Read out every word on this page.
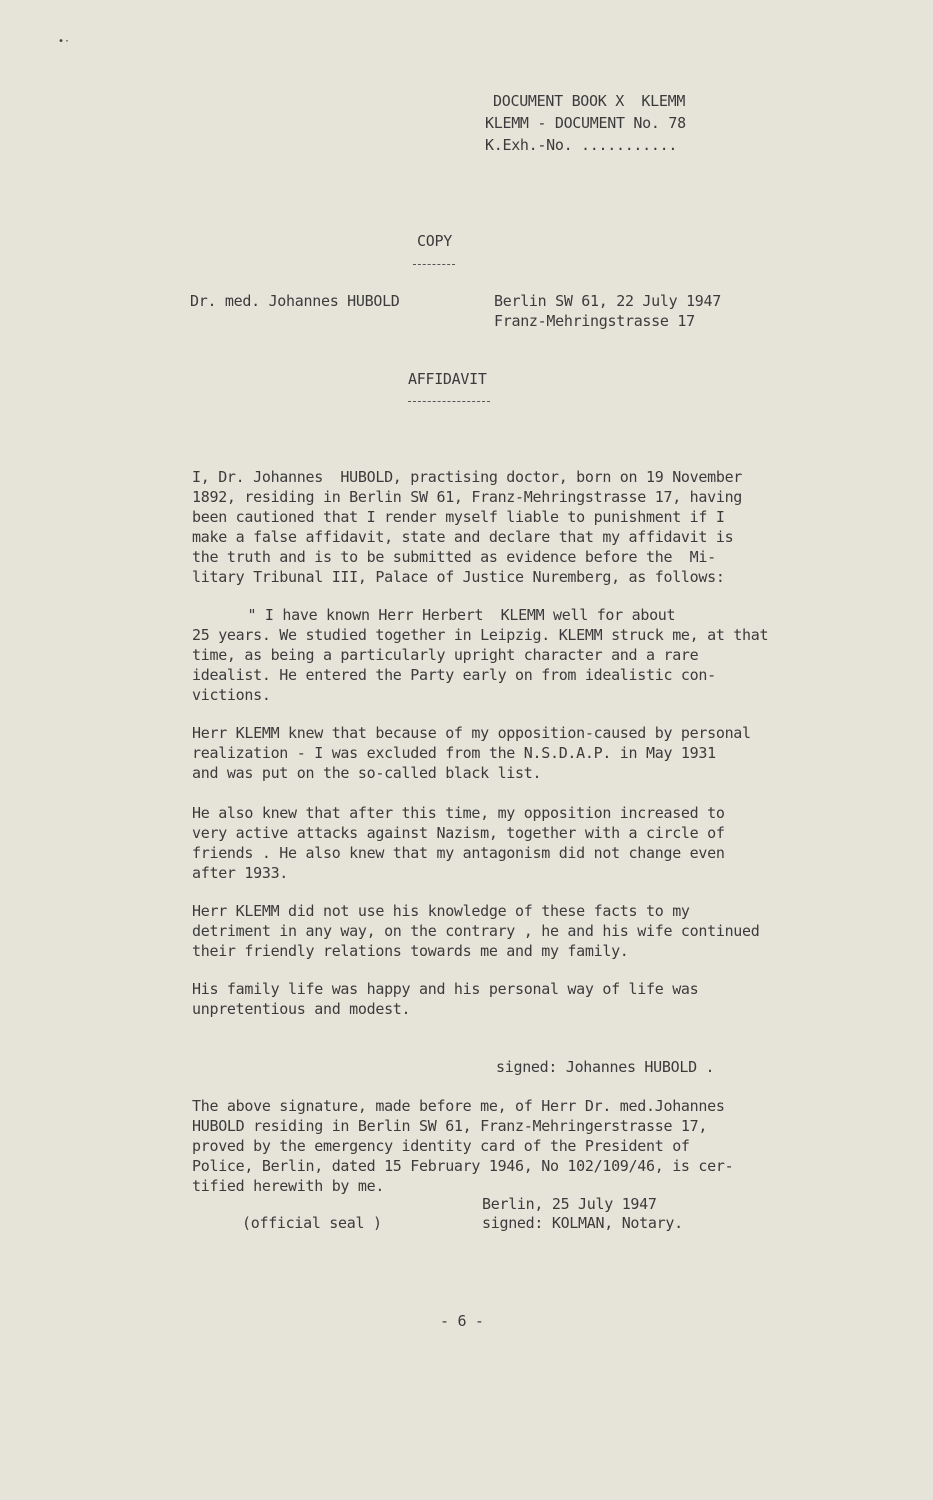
•·
DOCUMENT BOOK X  KLEMM
KLEMM - DOCUMENT No. 78
K.Exh.-No. ...........
COPY
Dr. med. Johannes HUBOLD	Berlin SW 61, 22 July 1947
Franz-Mehringstrasse 17
AFFIDAVIT
I, Dr. Johannes  HUBOLD, practising doctor, born on 19 November
1892, residing in Berlin SW 61, Franz-Mehringstrasse 17, having
been cautioned that I render myself liable to punishment if I
make a false affidavit, state and declare that my affidavit is
the truth and is to be submitted as evidence before the  Mi-
litary Tribunal III, Palace of Justice Nuremberg, as follows:
" I have known Herr Herbert  KLEMM well for about
25 years. We studied together in Leipzig. KLEMM struck me, at that
time, as being a particularly upright character and a rare
idealist. He entered the Party early on from idealistic con-
victions.
Herr KLEMM knew that because of my opposition-caused by personal
realization - I was excluded from the N.S.D.A.P. in May 1931
and was put on the so-called black list.
He also knew that after this time, my opposition increased to
very active attacks against Nazism, together with a circle of
friends . He also knew that my antagonism did not change even
after 1933.
Herr KLEMM did not use his knowledge of these facts to my
detriment in any way, on the contrary , he and his wife continued
their friendly relations towards me and my family.
His family life was happy and his personal way of life was
unpretentious and modest.
signed: Johannes HUBOLD .
The above signature, made before me, of Herr Dr. med.Johannes
HUBOLD residing in Berlin SW 61, Franz-Mehringerstrasse 17,
proved by the emergency identity card of the President of
Police, Berlin, dated 15 February 1946, No 102/109/46, is cer-
tified herewith by me.
Berlin, 25 July 1947
(official seal )	signed: KOLMAN, Notary.
- 6 -
